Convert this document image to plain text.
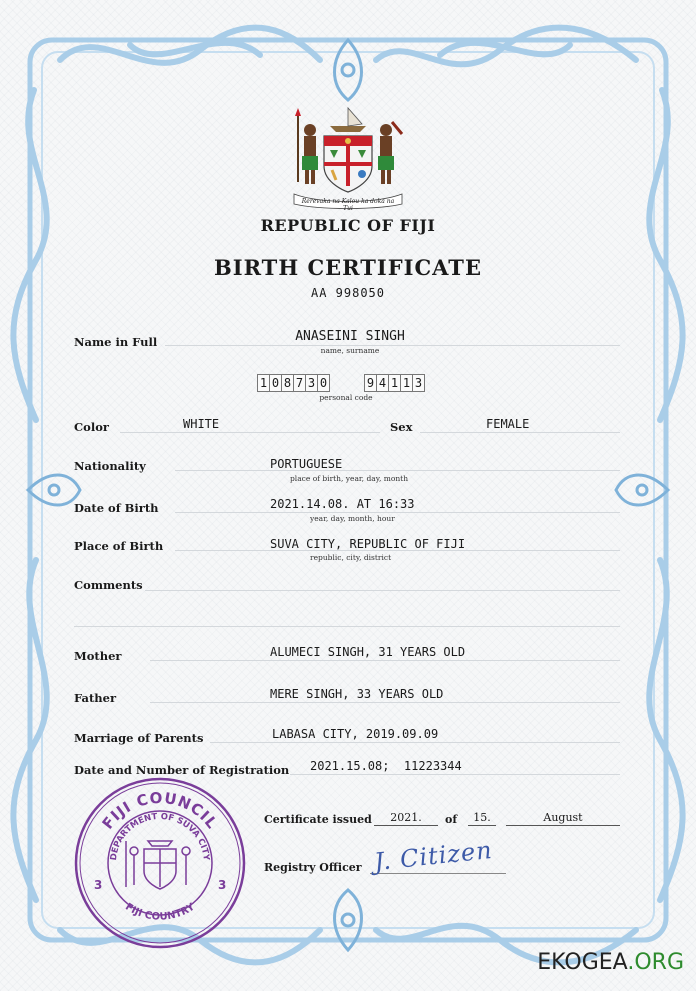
Rerevaka na Kalou ka doka na Tui
REPUBLIC OF FIJI
BIRTH CERTIFICATE
AA 998050
Name in Full	ANASEINI SINGH
name, surname
1 0 8 7 3 0	9 4 1 1 3
personal code
Color	WHITE	Sex	FEMALE
Nationality	PORTUGUESE
place of birth, year, day, month
Date of Birth	2021.14.08. AT 16:33
year, day, month, hour
Place of Birth	SUVA CITY, REPUBLIC OF FIJI
republic, city, district
Comments
Mother	ALUMECI SINGH, 31 YEARS OLD
Father	MERE SINGH, 33 YEARS OLD
Marriage of Parents	LABASA CITY, 2019.09.09
Date and Number of Registration 2021.15.08;  11223344
FIJI COUNCIL
DEPARTMENT OF SUVA CITY
FIJI COUNTRY
3	3
Certificate issued	2021.	of	15.	August
Registry Officer J. Citizen
EKOGEA.ORG
